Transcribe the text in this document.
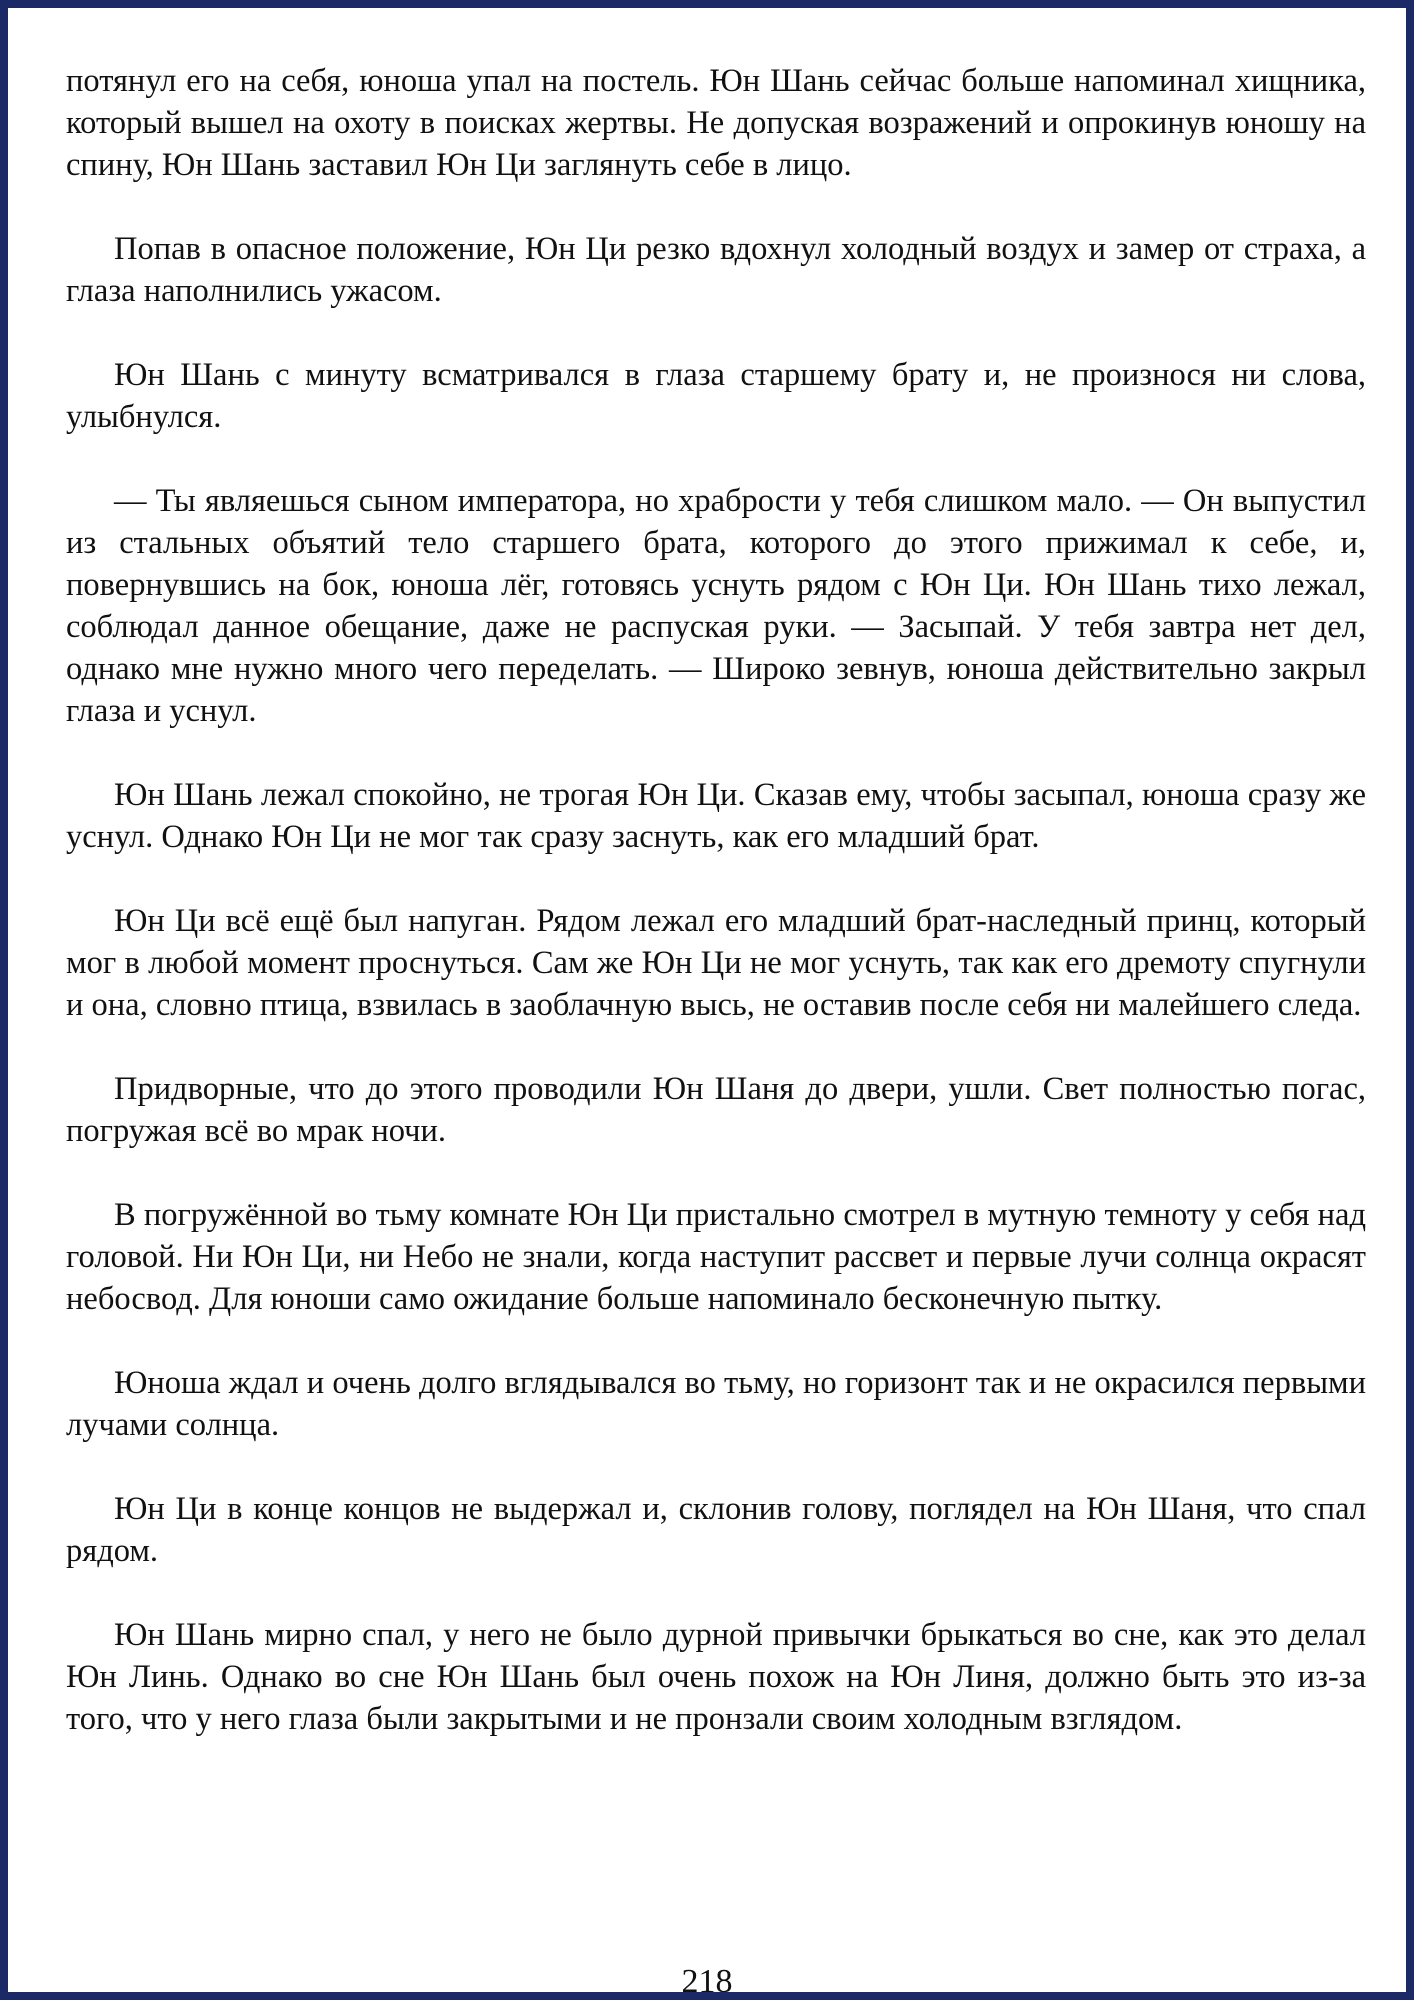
потянул его на себя, юноша упал на постель. Юн Шань сейчас больше напоминал хищника, который вышел на охоту в поисках жертвы. Не допуская возражений и опрокинув юношу на спину, Юн Шань заставил Юн Ци заглянуть себе в лицо.

Попав в опасное положение, Юн Ци резко вдохнул холодный воздух и замер от страха, а глаза наполнились ужасом.

Юн Шань с минуту всматривался в глаза старшему брату и, не произнося ни слова, улыбнулся.

— Ты являешься сыном императора, но храбрости у тебя слишком мало. — Он выпустил из стальных объятий тело старшего брата, которого до этого прижимал к себе, и, повернувшись на бок, юноша лёг, готовясь уснуть рядом с Юн Ци. Юн Шань тихо лежал, соблюдал данное обещание, даже не распуская руки. — Засыпай. У тебя завтра нет дел, однако мне нужно много чего переделать. — Широко зевнув, юноша действительно закрыл глаза и уснул.

Юн Шань лежал спокойно, не трогая Юн Ци. Сказав ему, чтобы засыпал, юноша сразу же уснул. Однако Юн Ци не мог так сразу заснуть, как его младший брат.

Юн Ци всё ещё был напуган. Рядом лежал его младший брат-наследный принц, который мог в любой момент проснуться. Сам же Юн Ци не мог уснуть, так как его дремоту спугнули и она, словно птица, взвилась в заоблачную высь, не оставив после себя ни малейшего следа.

Придворные, что до этого проводили Юн Шаня до двери, ушли. Свет полностью погас, погружая всё во мрак ночи.

В погружённой во тьму комнате Юн Ци пристально смотрел в мутную темноту у себя над головой. Ни Юн Ци, ни Небо не знали, когда наступит рассвет и первые лучи солнца окрасят небосвод. Для юноши само ожидание больше напоминало бесконечную пытку.

Юноша ждал и очень долго вглядывался во тьму, но горизонт так и не окрасился первыми лучами солнца.

Юн Ци в конце концов не выдержал и, склонив голову, поглядел на Юн Шаня, что спал рядом.

Юн Шань мирно спал, у него не было дурной привычки брыкаться во сне, как это делал Юн Линь. Однако во сне Юн Шань был очень похож на Юн Линя, должно быть это из-за того, что у него глаза были закрытыми и не пронзали своим холодным взглядом.

218
